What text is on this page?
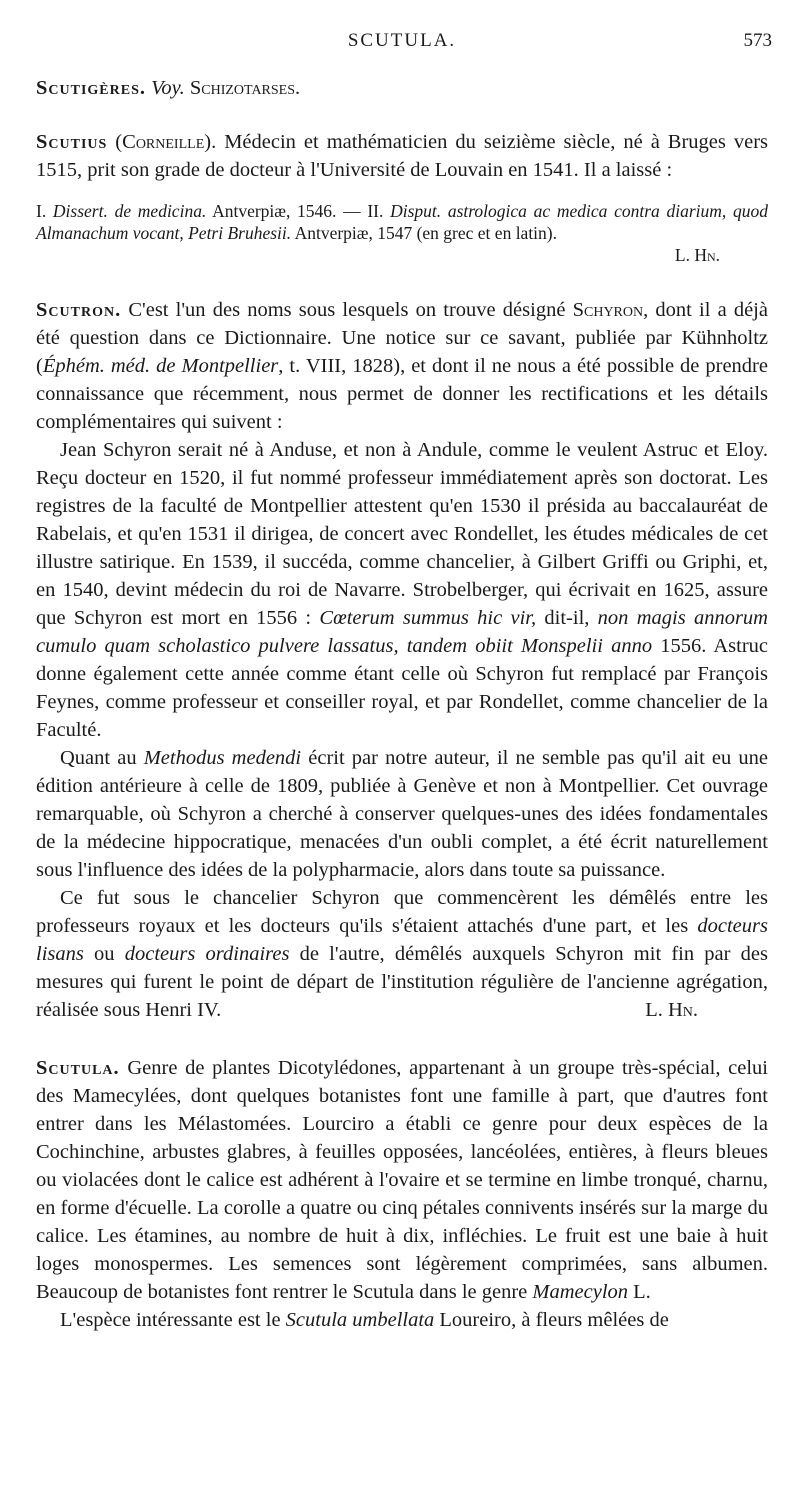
SCUTULA.	573

Scutigères. Voy. Schizotarses.

Scutius (Corneille). Médecin et mathématicien du seizième siècle, né à Bruges vers 1515, prit son grade de docteur à l'Université de Louvain en 1541. Il a laissé :

I. Dissert. de medicina. Antverpiæ, 1546. — II. Disput. astrologica ac medica contra diarium, quod Almanachum vocant, Petri Bruhesii. Antverpiæ, 1547 (en grec et en latin).
L. Hn.

Scutron. C'est l'un des noms sous lesquels on trouve désigné Schyron, dont il a déjà été question dans ce Dictionnaire. Une notice sur ce savant, publiée par Kühnholtz (Éphém. méd. de Montpellier, t. VIII, 1828), et dont il ne nous a été possible de prendre connaissance que récemment, nous permet de donner les rectifications et les détails complémentaires qui suivent :

Jean Schyron serait né à Anduse, et non à Andule, comme le veulent Astruc et Eloy. Reçu docteur en 1520, il fut nommé professeur immédiatement après son doctorat. Les registres de la faculté de Montpellier attestent qu'en 1530 il présida au baccalauréat de Rabelais, et qu'en 1531 il dirigea, de concert avec Rondellet, les études médicales de cet illustre satirique. En 1539, il succéda, comme chancelier, à Gilbert Griffi ou Griphi, et, en 1540, devint médecin du roi de Navarre. Strobelberger, qui écrivait en 1625, assure que Schyron est mort en 1556 : Cœterum summus hic vir, dit-il, non magis annorum cumulo quam scholastico pulvere lassatus, tandem obiit Monspelii anno 1556. Astruc donne également cette année comme étant celle où Schyron fut remplacé par François Feynes, comme professeur et conseiller royal, et par Rondellet, comme chancelier de la Faculté.

Quant au Methodus medendi écrit par notre auteur, il ne semble pas qu'il ait eu une édition antérieure à celle de 1809, publiée à Genève et non à Montpellier. Cet ouvrage remarquable, où Schyron a cherché à conserver quelques-unes des idées fondamentales de la médecine hippocratique, menacées d'un oubli complet, a été écrit naturellement sous l'influence des idées de la polypharmacie, alors dans toute sa puissance.

Ce fut sous le chancelier Schyron que commencèrent les démêlés entre les professeurs royaux et les docteurs qu'ils s'étaient attachés d'une part, et les docteurs lisans ou docteurs ordinaires de l'autre, démêlés auxquels Schyron mit fin par des mesures qui furent le point de départ de l'institution régulière de l'ancienne agrégation, réalisée sous Henri IV.	L. Hn.

Scutula. Genre de plantes Dicotylédones, appartenant à un groupe très-spécial, celui des Mamecylées, dont quelques botanistes font une famille à part, que d'autres font entrer dans les Mélastomées. Lourciro a établi ce genre pour deux espèces de la Cochinchine, arbustes glabres, à feuilles opposées, lancéolées, entières, à fleurs bleues ou violacées dont le calice est adhérent à l'ovaire et se termine en limbe tronqué, charnu, en forme d'écuelle. La corolle a quatre ou cinq pétales connivents insérés sur la marge du calice. Les étamines, au nombre de huit à dix, infléchies. Le fruit est une baie à huit loges monospermes. Les semences sont légèrement comprimées, sans albumen. Beaucoup de botanistes font rentrer le Scutula dans le genre Mamecylon L.

L'espèce intéressante est le Scutula umbellata Loureiro, à fleurs mêlées de
